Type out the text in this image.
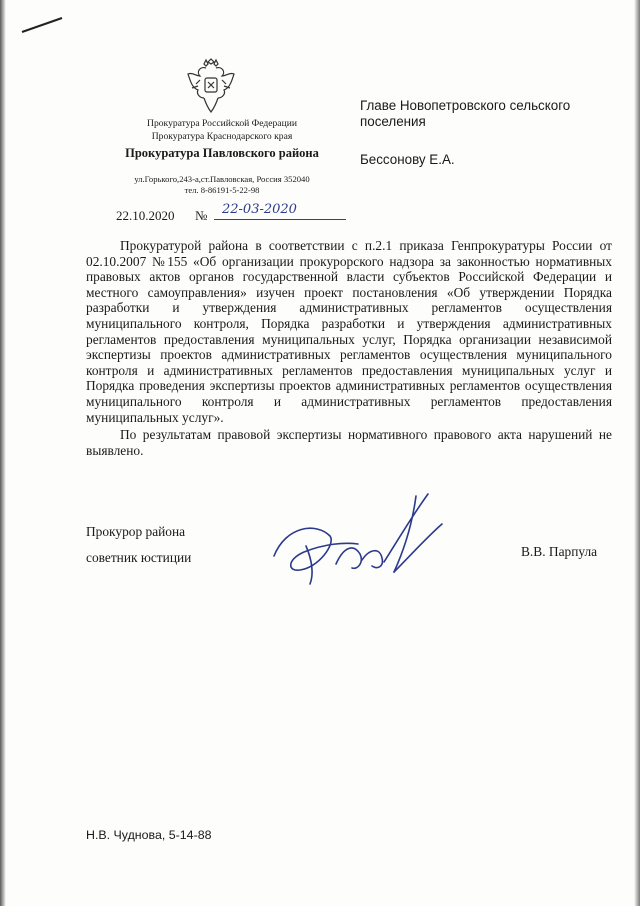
Прокуратура Российской Федерации
Прокуратура Краснодарского края
Прокуратура Павловского района
ул.Горького,243-а,ст.Павловская, Россия 352040
тел. 8-86191-5-22-98
22.10.2020 №	22-03-2020
Главе Новопетровского сельского
поселения
Бессонову Е.А.

Прокуратурой района в соответствии с п.2.1 приказа Генпрокуратуры России от 02.10.2007 №155 «Об организации прокурорского надзора за законностью нормативных правовых актов органов государственной власти субъектов Российской Федерации и местного самоуправления» изучен проект постановления «Об утверждении Порядка разработки и утверждения административных регламентов осуществления муниципального контроля, Порядка разработки и утверждения административных регламентов предоставления муниципальных услуг, Порядка организации независимой экспертизы проектов административных регламентов осуществления муниципального контроля и административных регламентов предоставления муниципальных услуг и Порядка проведения экспертизы проектов административных регламентов осуществления муниципального контроля и административных регламентов предоставления муниципальных услуг».

По результатам правовой экспертизы нормативного правового акта нарушений не выявлено.

Прокурор района
советник юстиции	В.В. Парпула
Н.В. Чуднова, 5-14-88
